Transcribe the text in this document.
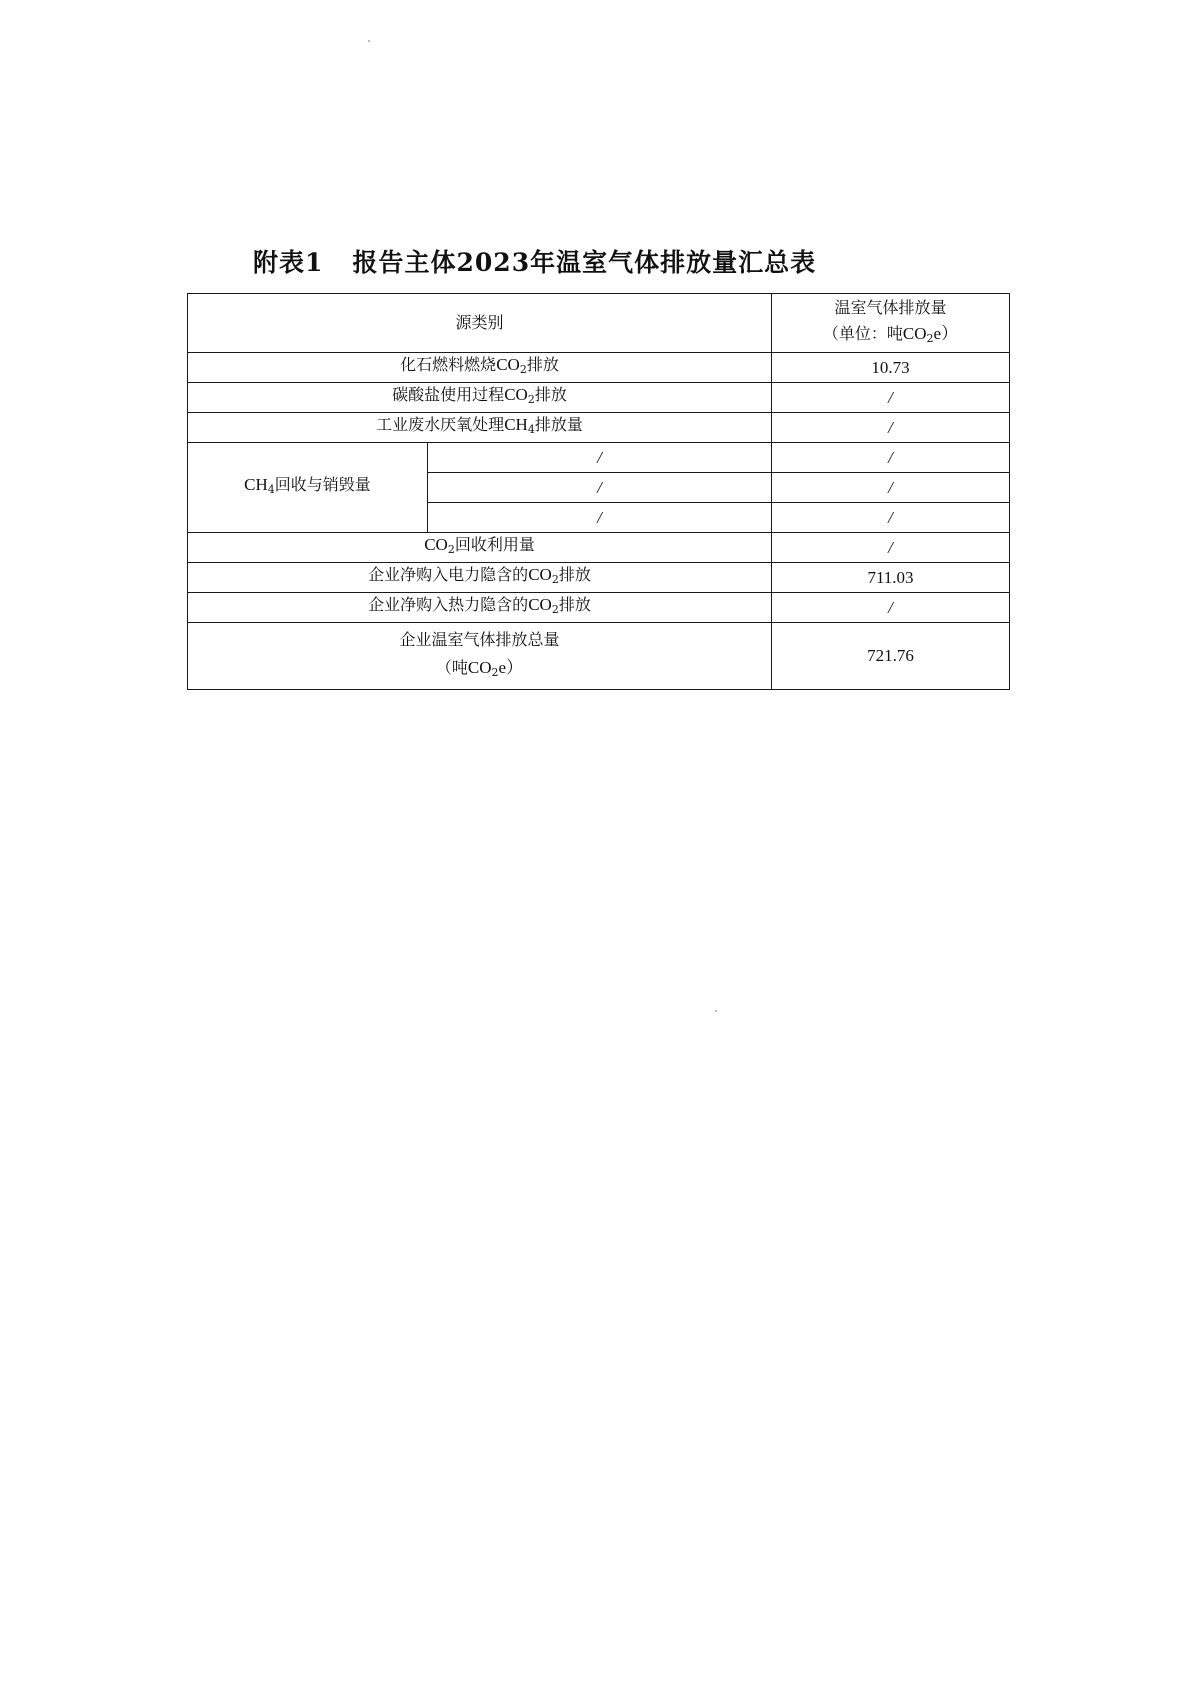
附表1   报告主体2023年温室气体排放量汇总表
源类别		温室气体排放量
（单位：吨$CO_2e$）

化石燃料燃烧$CO_2$排放		10.73
碳酸盐使用过程$CO_2$排放		/
工业废水厌氧处理$CH_4$排放量		/
$CH_4$回收与销毁量	/	/
	/	/
	/	/
$CO_2$回收利用量		/
企业净购入电力隐含的$CO_2$排放		711.03
企业净购入热力隐含的$CO_2$排放		/

企业温室气体排放总量
（吨$CO_2e$）		721.76
